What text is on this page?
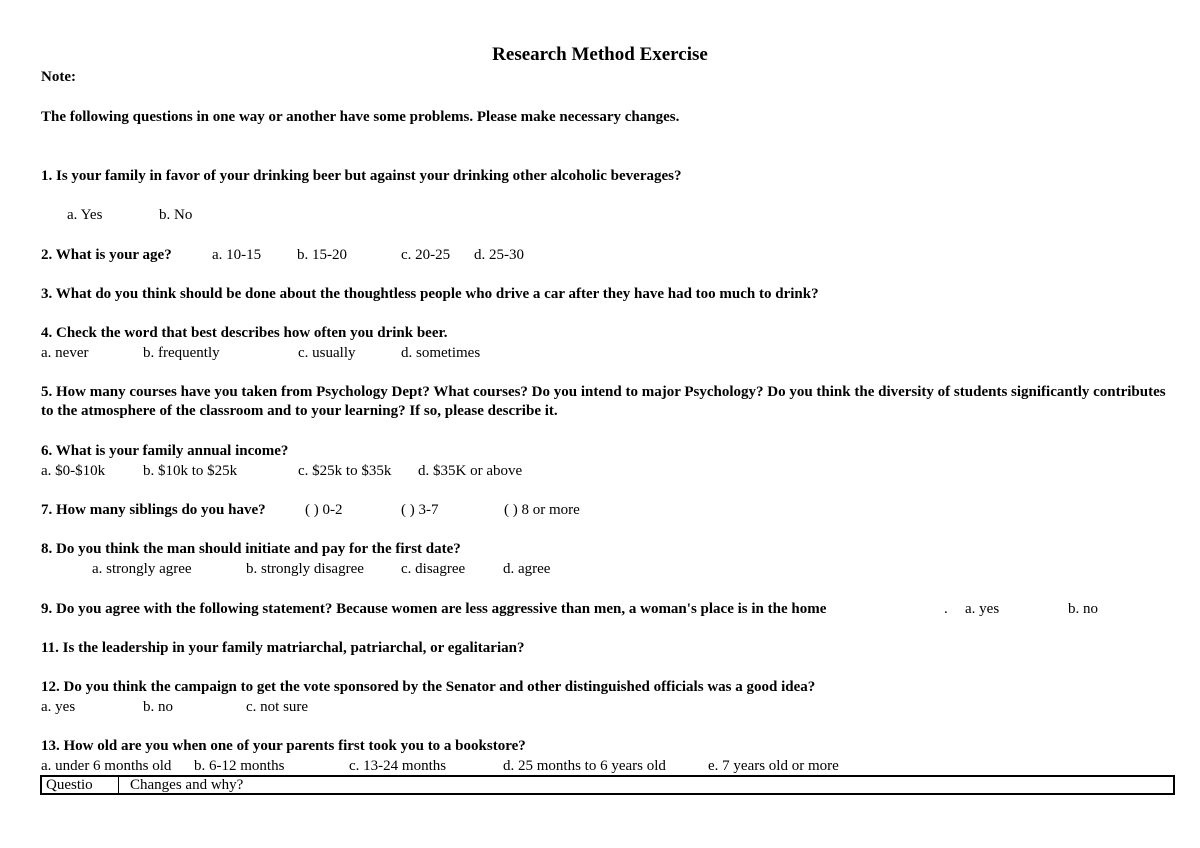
Research Method Exercise
Note:
The following questions in one way or another have some problems. Please make necessary changes.
1. Is your family in favor of your drinking beer but against your drinking other alcoholic beverages?
a. Yes	b. No
2. What is your age?	a. 10-15 b. 15-20	c. 20-25 d. 25-30
3. What do you think should be done about the thoughtless people who drive a car after they have had too much to drink?
4. Check the word that best describes how often you drink beer.
a. never	b. frequently	c. usually	d. sometimes
5. How many courses have you taken from Psychology Dept? What courses? Do you intend to major Psychology? Do you think the diversity of students significantly contributes to the atmosphere of the classroom and to your learning? If so, please describe it.
6. What is your family annual income?
a. $0-$10k	b. $10k to $25k	c. $25k to $35k d. $35K or above
7. How many siblings do you have?	( ) 0-2	( ) 3-7	( ) 8 or more
8. Do you think the man should initiate and pay for the first date?
a. strongly agree	b. strongly disagree c. disagree	d. agree
9. Do you agree with the following statement? Because women are less aggressive than men, a woman's place is in the home	. a. yes	b. no
11. Is the leadership in your family matriarchal, patriarchal, or egalitarian?
12. Do you think the campaign to get the vote sponsored by the Senator and other distinguished officials was a good idea?
a. yes	b. no	c. not sure
13. How old are you when one of your parents first took you to a bookstore?
a. under 6 months old b. 6-12 months	c. 13-24 months	d. 25 months to 6 years old	e. 7 years old or more
Questio	Changes and why?
